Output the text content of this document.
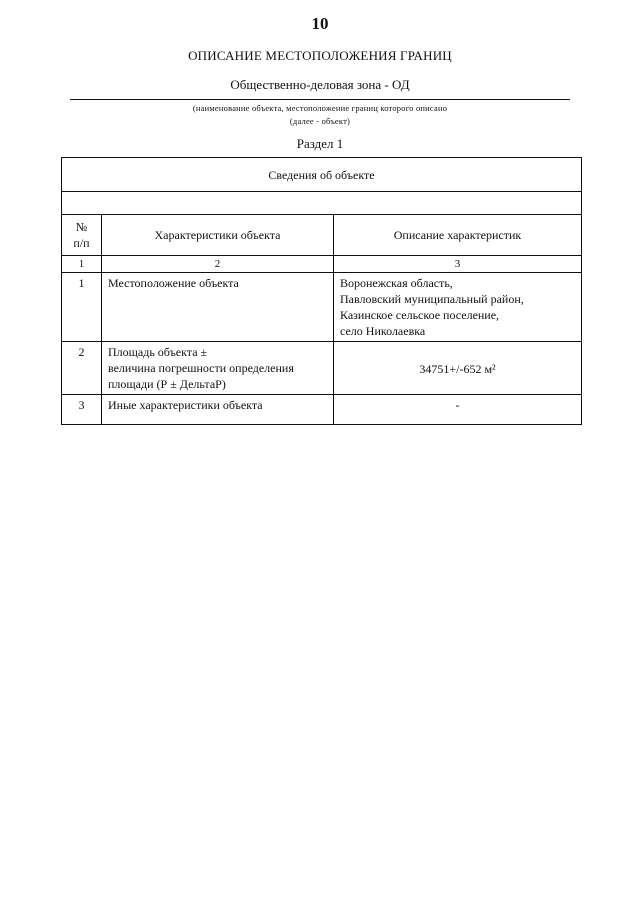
10
ОПИСАНИЕ МЕСТОПОЛОЖЕНИЯ ГРАНИЦ
Общественно-деловая зона - ОД
(наименование объекта, местоположение границ которого описано
(далее - объект)
Раздел 1
Сведения об объекте		

№
п/п	Характеристики объекта	Описание характеристик
1	2	3
1	Местоположение объекта	Воронежская область,
Павловский муниципальный район,
Казинское сельское поселение,
село Николаевка

2	Площадь объекта ±
величина погрешности определения
площади (Р ± ДельтаР)	34751+/-652 м²

3	Иные характеристики объекта	-
